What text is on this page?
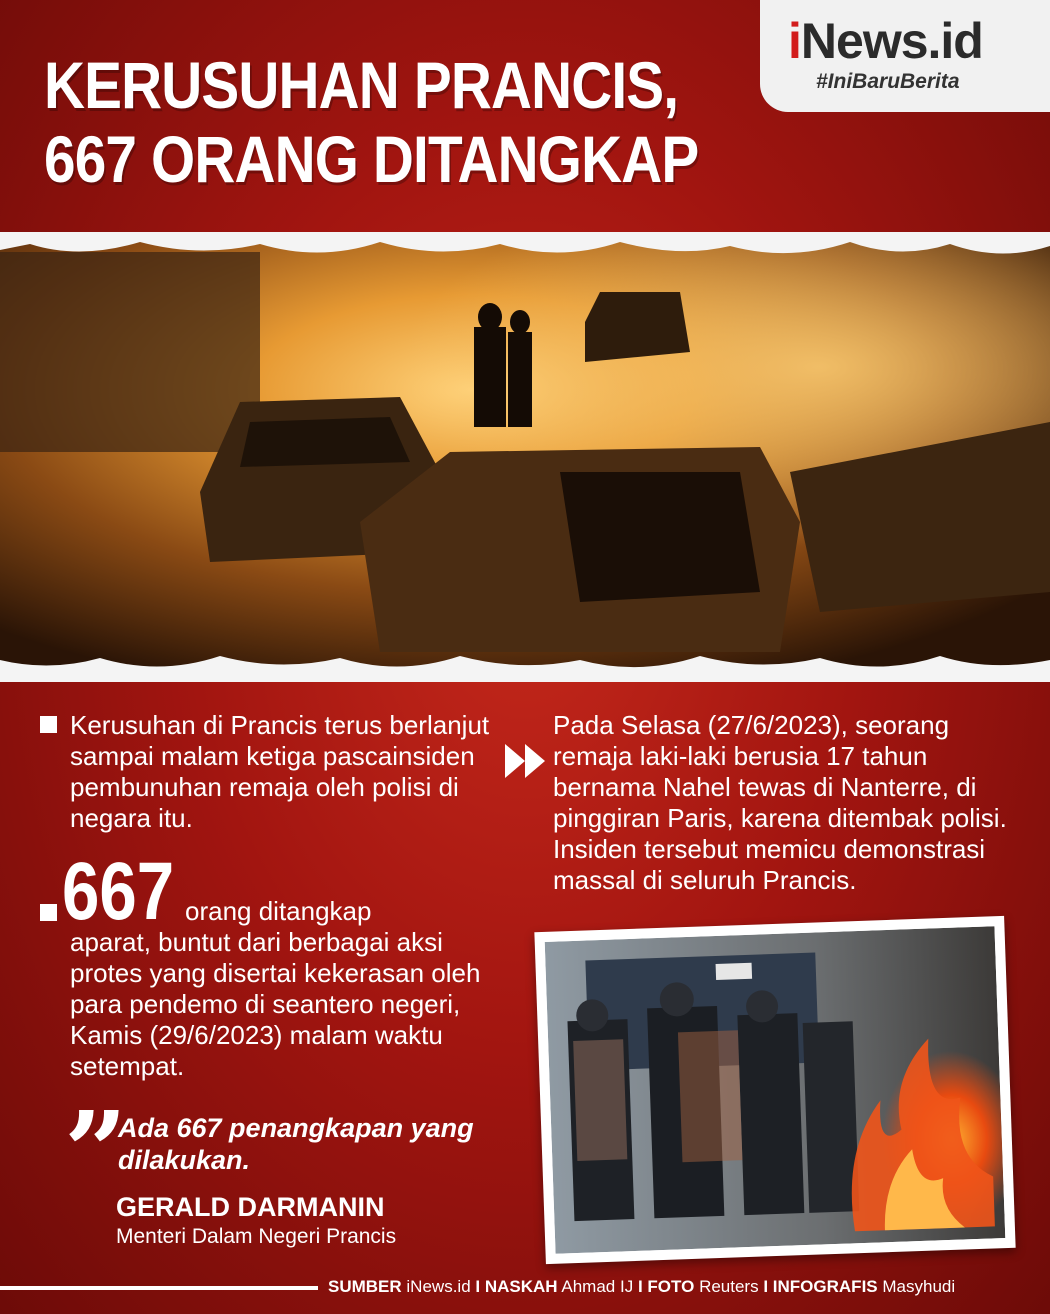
KERUSUHAN PRANCIS,
667 ORANG DITANGKAP
iNews.id
#IniBaruBerita
Kerusuhan di Prancis terus berlanjut sampai malam ketiga pascainsiden pembunuhan remaja oleh polisi di negara itu.
667 orang ditangkap
aparat, buntut dari berbagai aksi protes yang disertai kekerasan oleh para pendemo di seantero negeri, Kamis (29/6/2023) malam waktu setempat.
”
Ada 667 penangkapan yang dilakukan.
GERALD DARMANIN
Menteri Dalam Negeri Prancis
Pada Selasa (27/6/2023), seorang remaja laki-laki berusia 17 tahun bernama Nahel tewas di Nanterre, di pinggiran Paris, karena ditembak polisi. Insiden tersebut memicu demonstrasi massal di seluruh Prancis.
SUMBER iNews.id I NASKAH Ahmad IJ I FOTO Reuters I INFOGRAFIS Masyhudi
